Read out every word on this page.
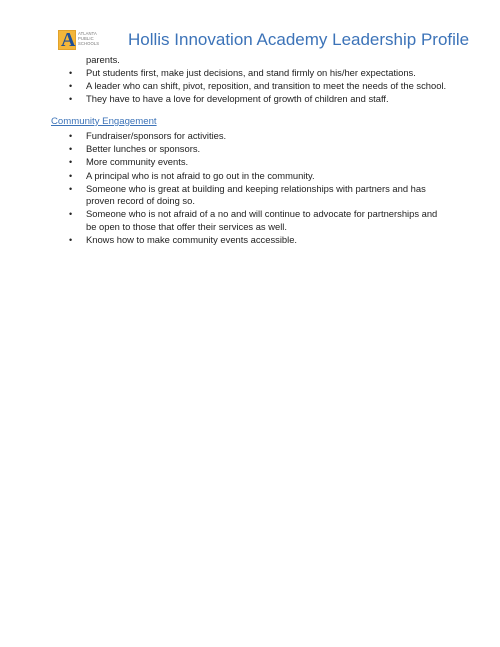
A ATLANTA PUBLIC SCHOOLS	Hollis Innovation Academy Leadership Profile
parents.
• Put students first, make just decisions, and stand firmly on his/her expectations.
• A leader who can shift, pivot, reposition, and transition to meet the needs of the school.
• They have to have a love for development of growth of children and staff.
Community Engagement
• Fundraiser/sponsors for activities.
• Better lunches or sponsors.
• More community events.
• A principal who is not afraid to go out in the community.
• Someone who is great at building and keeping relationships with partners and has proven record of doing so.
• Someone who is not afraid of a no and will continue to advocate for partnerships and be open to those that offer their services as well.
• Knows how to make community events accessible.
